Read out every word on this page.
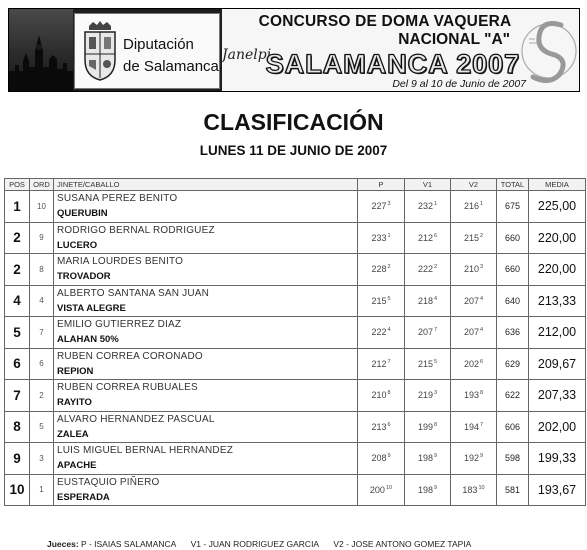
Diputación
de Salamanca
Janelpi
CONCURSO DE DOMA VAQUERA
NACIONAL "A"
SALAMANCA 2007
Del 9 al 10 de Junio de 2007
CLASIFICACIÓN
LUNES 11 DE JUNIO DE 2007
POS	ORD	JINETE/CABALLO	P	V1	V2	TOTAL	MEDIA
1	10	SUSANA PEREZ BENITO
QUERUBIN	$227^3$	$232^1$	$216^1$	675	225,00
2	9	RODRIGO BERNAL RODRIGUEZ
LUCERO	$233^1$	$212^6$	$215^2$	660	220,00
2	8	MARIA LOURDES BENITO
TROVADOR	$228^2$	$222^2$	$210^3$	660	220,00
4	4	ALBERTO SANTANA SAN JUAN
VISTA ALEGRE	$215^5$	$218^4$	$207^4$	640	213,33
5	7	EMILIO GUTIERREZ DIAZ
ALAHAN 50%	$222^4$	$207^7$	$207^4$	636	212,00
6	6	RUBEN CORREA CORONADO
REPION	$212^7$	$215^5$	$202^6$	629	209,67
7	2	RUBEN CORREA RUBUALES
RAYITO	$210^8$	$219^3$	$193^8$	622	207,33
8	5	ALVARO HERNANDEZ PASCUAL
ZALEA	$213^6$	$199^8$	$194^7$	606	202,00
9	3	LUIS MIGUEL BERNAL HERNANDEZ
APACHE	$208^9$	$198^9$	$192^9$	598	199,33
10	1	EUSTAQUIO PIÑERO
ESPERADA	$200^{10}$	$198^9$	$183^{10}$	581	193,67
Jueces: P - ISAIAS SALAMANCA V1 - JUAN RODRIGUEZ GARCIA V2 - JOSE ANTONO GOMEZ TAPIA
